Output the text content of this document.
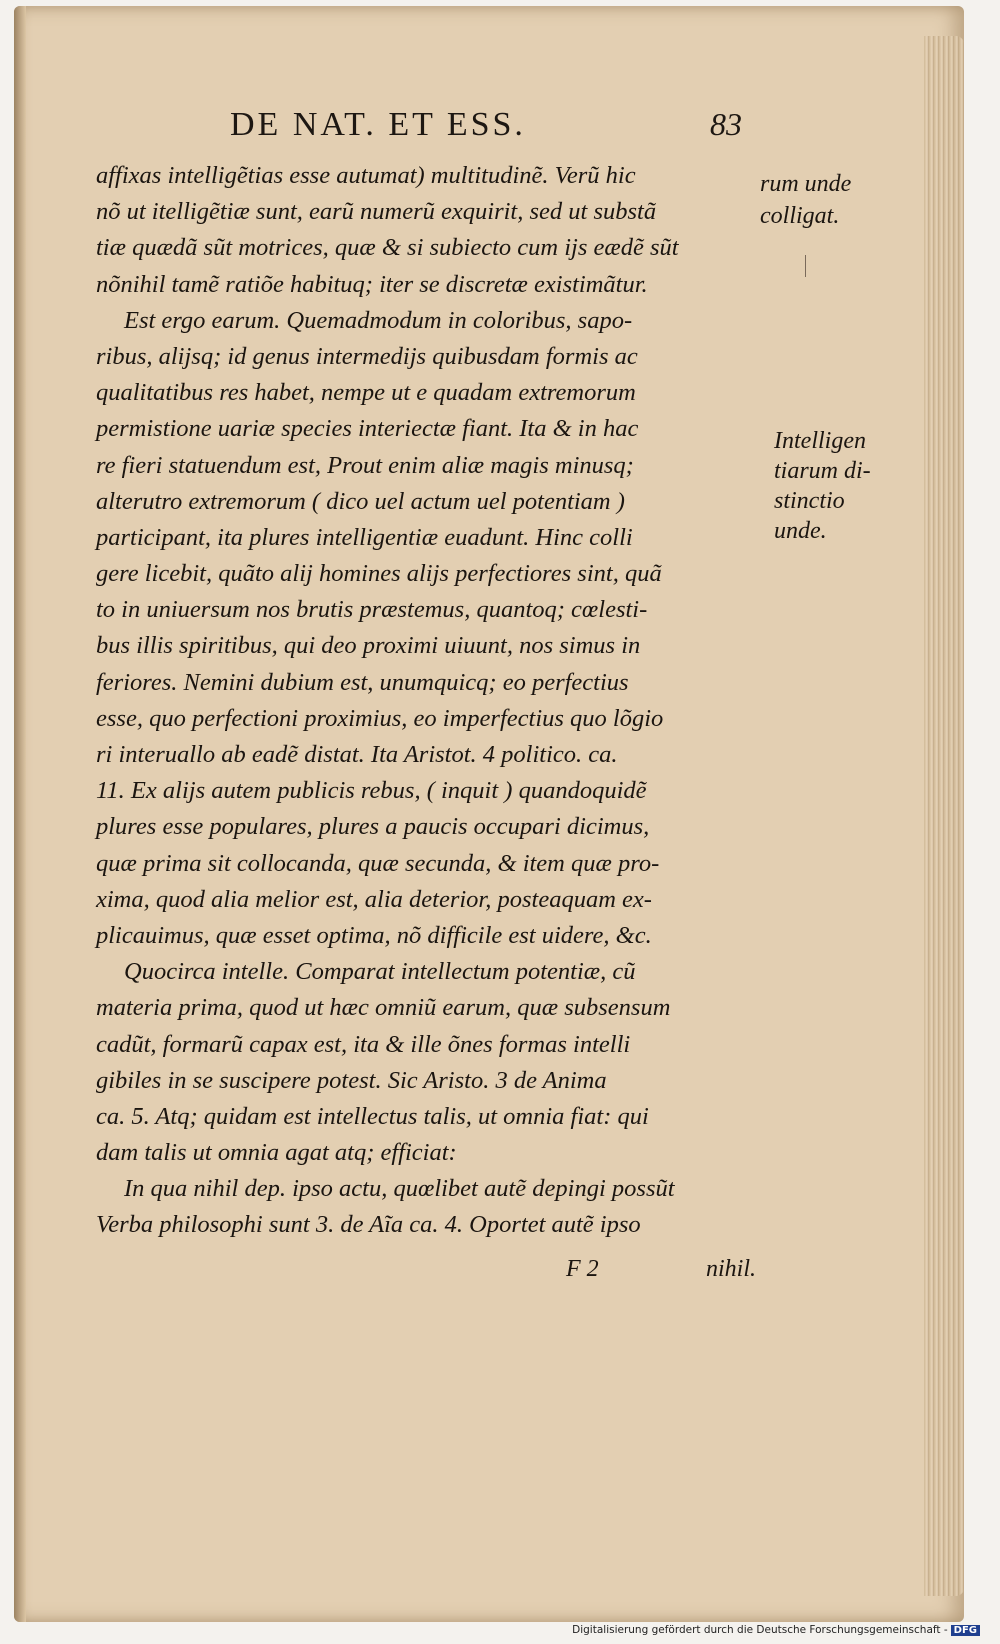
DE NAT. ET ESS.	83
affixas intelligẽtias esse autumat) multitudinẽ. Verũ hic
nõ ut itelligẽtiæ sunt, earũ numerũ exquirit, sed ut substã
tiæ quædã sũt motrices, quæ & si subiecto cum ijs eædẽ sũt
nõnihil tamẽ ratiõe habituq; iter se discretæ existimãtur.
Est ergo earum. Quemadmodum in coloribus, sapo-
ribus, alijsq; id genus intermedijs quibusdam formis ac
qualitatibus res habet, nempe ut e quadam extremorum
permistione uariæ species interiectæ fiant. Ita & in hac
re fieri statuendum est, Prout enim aliæ magis minusq;
alterutro extremorum ( dico uel actum uel potentiam )
participant, ita plures intelligentiæ euadunt. Hinc colli
gere licebit, quãto alij homines alijs perfectiores sint, quã
to in uniuersum nos brutis præstemus, quantoq; cœlesti-
bus illis spiritibus, qui deo proximi uiuunt, nos simus in
feriores. Nemini dubium est, unumquicq; eo perfectius
esse, quo perfectioni proximius, eo imperfectius quo lõgio
ri interuallo ab eadẽ distat. Ita Aristot. 4 politico. ca.
11. Ex alijs autem publicis rebus, ( inquit ) quandoquidẽ
plures esse populares, plures a paucis occupari dicimus,
quæ prima sit collocanda, quæ secunda, & item quæ pro-
xima, quod alia melior est, alia deterior, posteaquam ex-
plicauimus, quæ esset optima, nõ difficile est uidere, &c.
Quocirca intelle. Comparat intellectum potentiæ, cũ
materia prima, quod ut hæc omniũ earum, quæ subsensum
cadũt, formarũ capax est, ita & ille õnes formas intelli
gibiles in se suscipere potest. Sic Aristo. 3 de Anima
ca. 5. Atq; quidam est intellectus talis, ut omnia fiat: qui
dam talis ut omnia agat atq; efficiat:
In qua nihil dep. ipso actu, quœlibet autẽ depingi possũt
Verba philosophi sunt 3. de Aĩa ca. 4. Oportet autẽ ipso
rum unde
colligat.
Intelligen
tiarum di-
stinctio
unde.
F 2	nihil.
Digitalisierung gefördert durch die Deutsche Forschungsgemeinschaft - DFG
